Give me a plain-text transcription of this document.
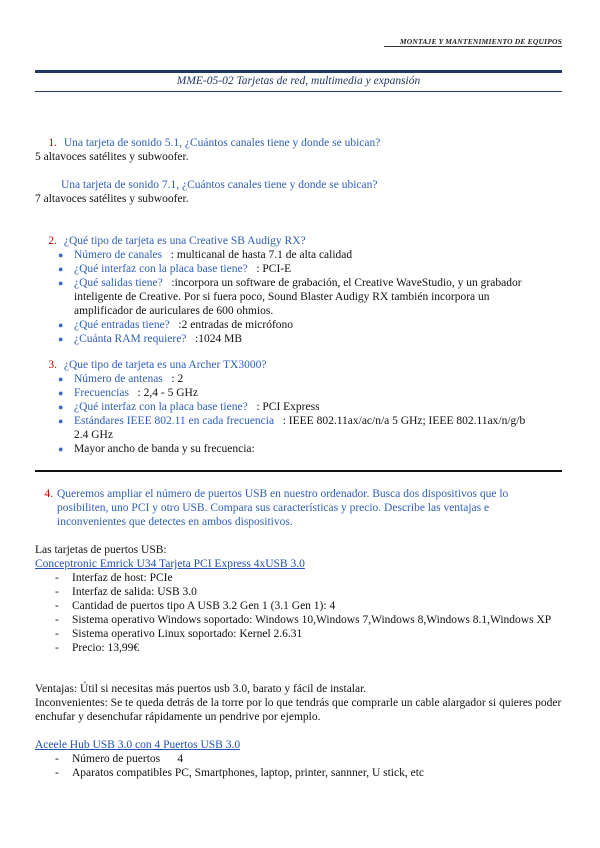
MONTAJE Y MANTENIMIENTO DE EQUIPOS
MME-05-02 Tarjetas de red, multimedia y expansión
1. Una tarjeta de sonido 5.1, ¿Cuántos canales tiene y donde se ubican?
5 altavoces satélites y subwoofer.
Una tarjeta de sonido 7.1, ¿Cuántos canales tiene y donde se ubican?
7 altavoces satélites y subwoofer.
2. ¿Qué tipo de tarjeta es una Creative SB Audigy RX?
● Número de canales   : multicanal de hasta 7.1 de alta calidad
● ¿Qué interfaz con la placa base tiene?   : PCI-E
● ¿Qué salidas tiene?   :incorpora un software de grabación, el Creative WaveStudio, y un grabador inteligente de Creative. Por si fuera poco, Sound Blaster Audigy RX también incorpora un amplificador de auriculares de 600 ohmios.
● ¿Qué entradas tiene?   :2 entradas de micrófono
● ¿Cuánta RAM requiere?   :1024 MB
3. ¿Que tipo de tarjeta es una Archer TX3000?
● Número de antenas   : 2
● Frecuencias   : 2,4 - 5 GHz
● ¿Qué interfaz con la placa base tiene?   : PCI Express
● Estándares IEEE 802.11 en cada frecuencia   : IEEE 802.11ax/ac/n/a 5 GHz; IEEE 802.11ax/n/g/b 2.4 GHz
● Mayor ancho de banda y su frecuencia:
4. Queremos ampliar el número de puertos USB en nuestro ordenador. Busca dos dispositivos que lo posibiliten, uno PCI y otro USB. Compara sus características y precio. Describe las ventajas e inconvenientes que detectes en ambos dispositivos.
Las tarjetas de puertos USB:
Conceptronic Emrick U34 Tarjeta PCI Express 4xUSB 3.0
- Interfaz de host: PCIe
- Interfaz de salida: USB 3.0
- Cantidad de puertos tipo A USB 3.2 Gen 1 (3.1 Gen 1): 4
- Sistema operativo Windows soportado: Windows 10,Windows 7,Windows 8,Windows 8.1,Windows XP
- Sistema operativo Linux soportado: Kernel 2.6.31
- Precio: 13,99€
Ventajas: Útil si necesitas más puertos usb 3.0, barato y fácil de instalar.
Inconvenientes: Se te queda detrás de la torre por lo que tendrás que comprarle un cable alargador si quieres poder enchufar y desenchufar rápidamente un pendrive por ejemplo.
Aceele Hub USB 3.0 con 4 Puertos USB 3.0
- Número de puertos      4
- Aparatos compatibles PC, Smartphones, laptop, printer, sannner, U stick, etc
